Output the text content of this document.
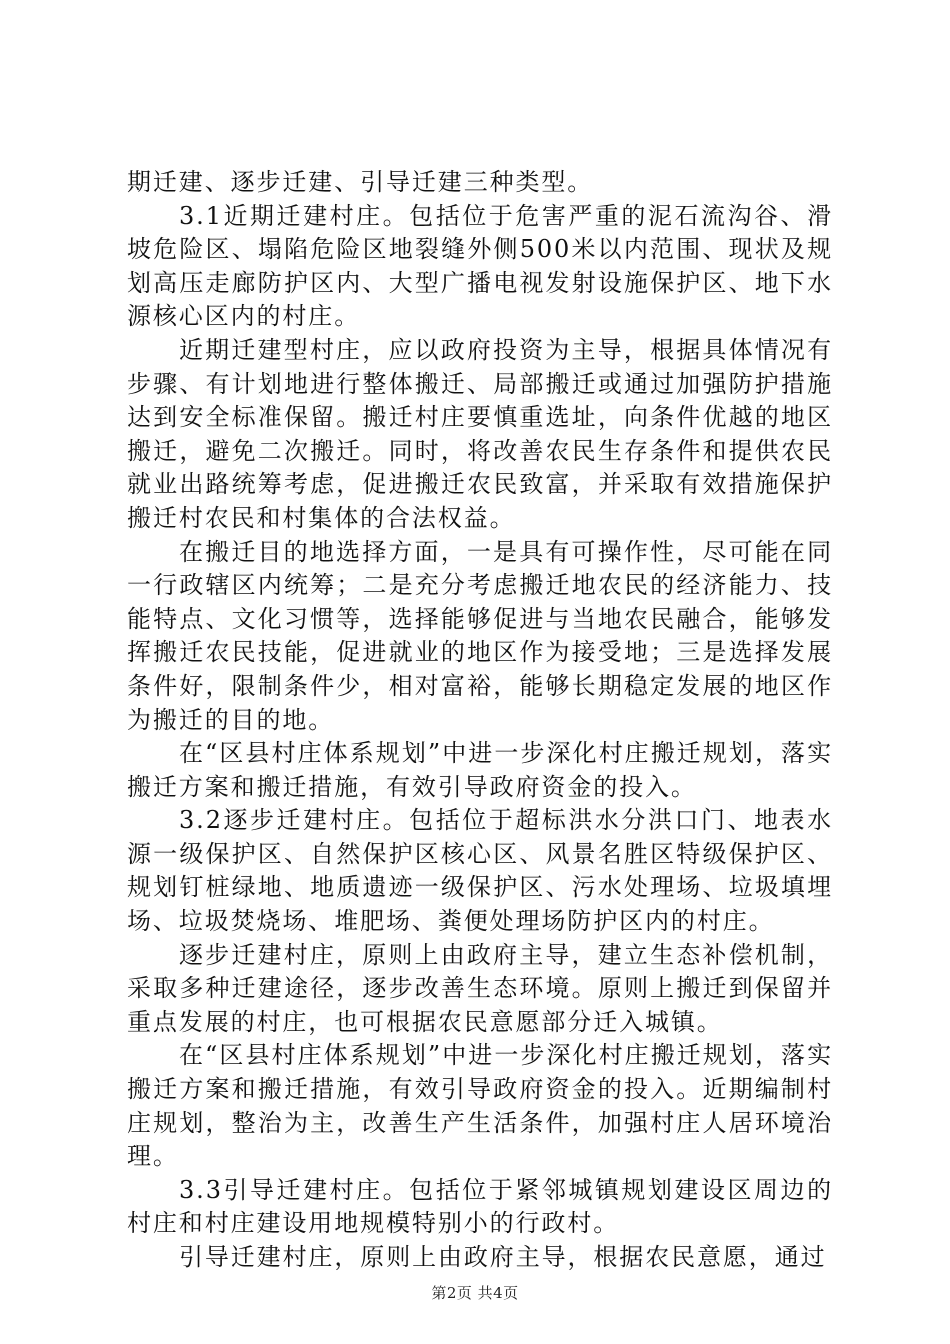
期迁建、逐步迁建、引导迁建三种类型。

3.1近期迁建村庄。包括位于危害严重的泥石流沟谷、滑坡危险区、塌陷危险区地裂缝外侧500米以内范围、现状及规划高压走廊防护区内、大型广播电视发射设施保护区、地下水源核心区内的村庄。

近期迁建型村庄，应以政府投资为主导，根据具体情况有步骤、有计划地进行整体搬迁、局部搬迁或通过加强防护措施达到安全标准保留。搬迁村庄要慎重选址，向条件优越的地区搬迁，避免二次搬迁。同时，将改善农民生存条件和提供农民就业出路统筹考虑，促进搬迁农民致富，并采取有效措施保护搬迁村农民和村集体的合法权益。

在搬迁目的地选择方面，一是具有可操作性，尽可能在同一行政辖区内统筹；二是充分考虑搬迁地农民的经济能力、技能特点、文化习惯等，选择能够促进与当地农民融合，能够发挥搬迁农民技能，促进就业的地区作为接受地；三是选择发展条件好，限制条件少，相对富裕，能够长期稳定发展的地区作为搬迁的目的地。

在“区县村庄体系规划”中进一步深化村庄搬迁规划，落实搬迁方案和搬迁措施，有效引导政府资金的投入。

3.2逐步迁建村庄。包括位于超标洪水分洪口门、地表水源一级保护区、自然保护区核心区、风景名胜区特级保护区、规划钉桩绿地、地质遗迹一级保护区、污水处理场、垃圾填埋场、垃圾焚烧场、堆肥场、粪便处理场防护区内的村庄。

逐步迁建村庄，原则上由政府主导，建立生态补偿机制，采取多种迁建途径，逐步改善生态环境。原则上搬迁到保留并重点发展的村庄，也可根据农民意愿部分迁入城镇。

在“区县村庄体系规划”中进一步深化村庄搬迁规划，落实搬迁方案和搬迁措施，有效引导政府资金的投入。近期编制村庄规划，整治为主，改善生产生活条件，加强村庄人居环境治理。

3.3引导迁建村庄。包括位于紧邻城镇规划建设区周边的村庄和村庄建设用地规模特别小的行政村。

引导迁建村庄，原则上由政府主导，根据农民意愿，通过

第2页 共4页
